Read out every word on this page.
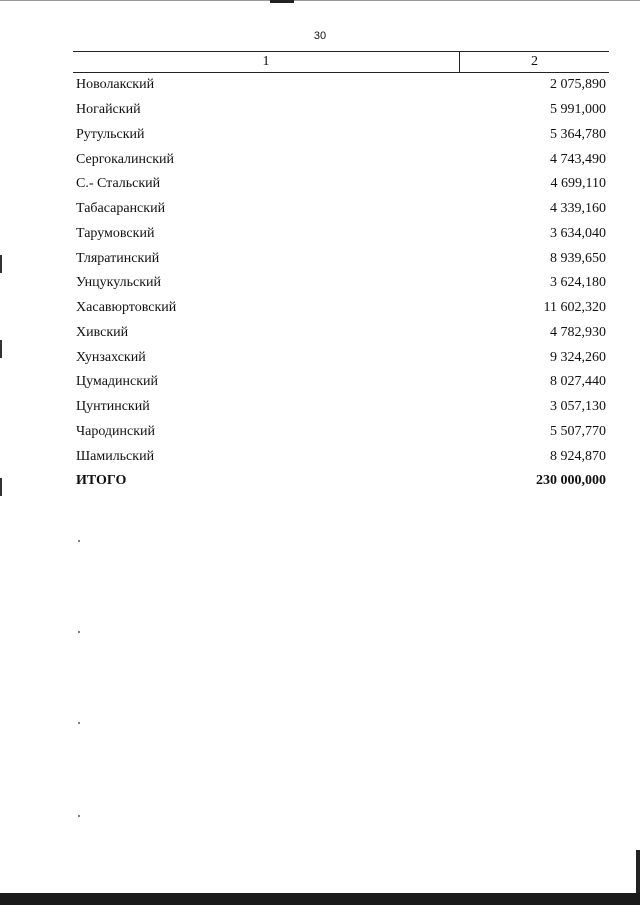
30
1	2
Новолакский	2 075,890
Ногайский	5 991,000
Рутульский	5 364,780
Сергокалинский	4 743,490
С.- Стальский	4 699,110
Табасаранский	4 339,160
Тарумовский	3 634,040
Тляратинский	8 939,650
Унцукульский	3 624,180
Хасавюртовский	11 602,320
Хивский	4 782,930
Хунзахский	9 324,260
Цумадинский	8 027,440
Цунтинский	3 057,130
Чародинский	5 507,770
Шамильский	8 924,870
ИТОГО	230 000,000
